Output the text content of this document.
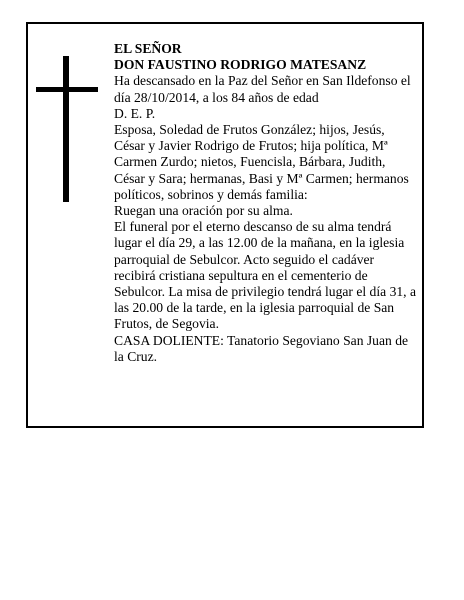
EL SEÑOR

DON FAUSTINO RODRIGO MATESANZ

Ha descansado en la Paz del Señor en San Ildefonso el día 28/10/2014, a los 84 años de edad

D. E. P.

Esposa, Soledad de Frutos González; hijos, Jesús, César y Javier Rodrigo de Frutos; hija política, Mª Carmen Zurdo; nietos, Fuencisla, Bárbara, Judith, César y Sara; hermanas, Basi y Mª Carmen; hermanos políticos, sobrinos y demás familia:

Ruegan una oración por su alma.

El funeral por el eterno descanso de su alma tendrá lugar el día 29, a las 12.00 de la mañana, en la iglesia parroquial de Sebulcor. Acto seguido el cadáver recibirá cristiana sepultura en el cementerio de Sebulcor. La misa de privilegio tendrá lugar el día 31, a las 20.00 de la tarde, en la iglesia parroquial de San Frutos, de Segovia.

CASA DOLIENTE: Tanatorio Segoviano San Juan de la Cruz.
